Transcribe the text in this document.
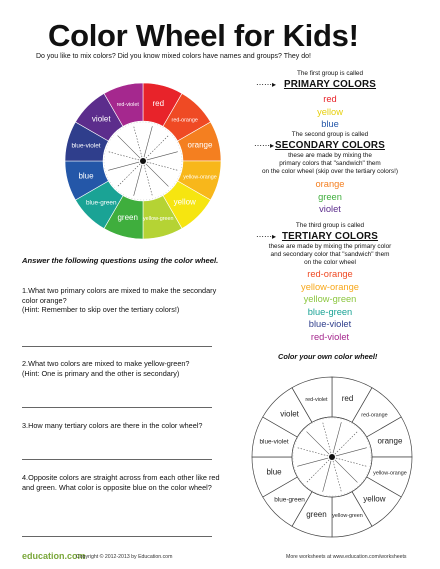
Color Wheel for Kids!
Do you like to mix colors? Did you know mixed colors have names and groups? They do!
red
red-orange
orange
yellow-orange
yellow
yellow-green
green
blue-green
blue
blue-violet
violet
red-violet
red
red-orange
orange
yellow-orange
yellow
yellow-green
green
blue-green
blue
blue-violet
violet
red-violet
The first group is called
⋯⋯▸ PRIMARY COLORS
red
yellow
blue
The second group is called
⋯⋯▸ SECONDARY COLORS
these are made by mixing the
primary colors that "sandwich" them
on the color wheel (skip over the tertiary colors!)
orange
green
violet
The third group is called
⋯⋯▸ TERTIARY COLORS
these are made by mixing the primary color
and secondary color that "sandwich" them
on the color wheel
red-orange
yellow-orange
yellow-green
blue-green
blue-violet
red-violet
Answer the following questions using the color wheel.
1.What two primary colors are mixed to make the secondary color orange?
(Hint: Remember to skip over the tertiary colors!)
2.What two colors are mixed to make yellow-green?
(Hint: One is primary and the other is secondary)
3.How many tertiary colors are there in the color wheel?
4.Opposite colors are straight across from each other like red and green. What color is opposite blue on the color wheel?
Color your own color wheel!
education.com
Copyright © 2012-2013 by Education.com	More worksheets at www.education.com/worksheets
